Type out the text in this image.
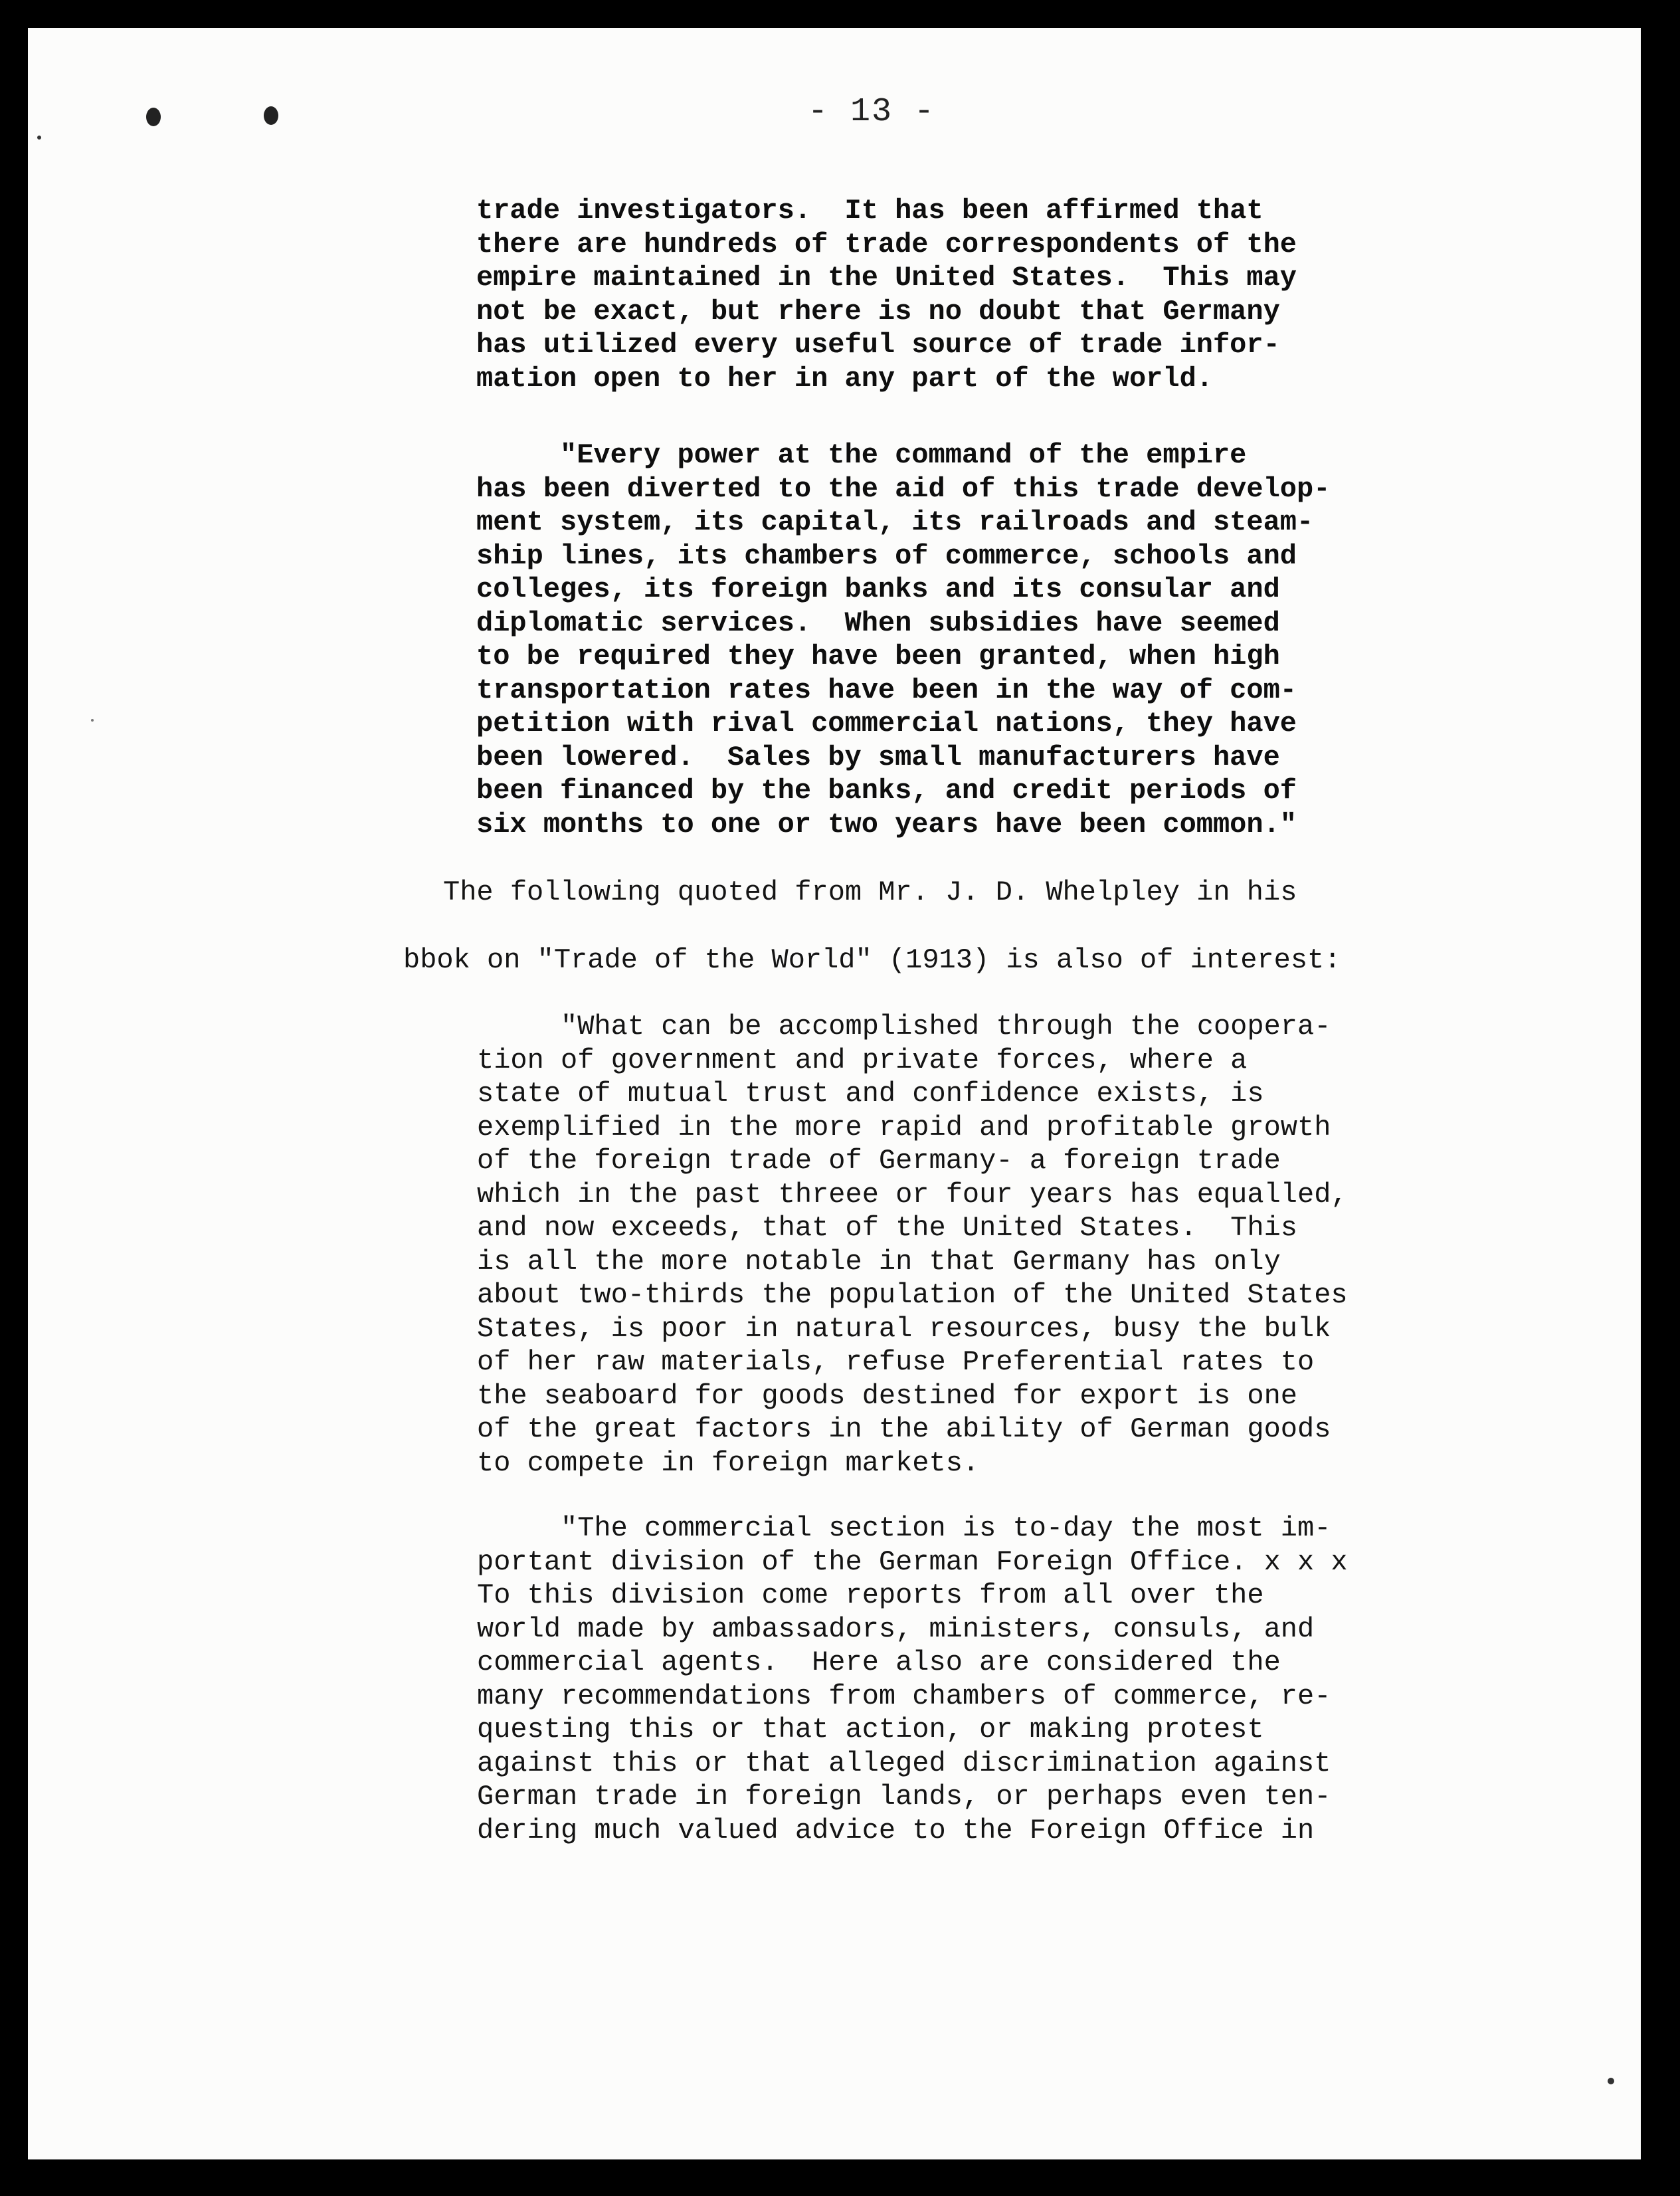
- 13 -

trade investigators.  It has been affirmed that
there are hundreds of trade correspondents of the
empire maintained in the United States.  This may
not be exact, but rhere is no doubt that Germany
has utilized every useful source of trade infor-
mation open to her in any part of the world.

"Every power at the command of the empire
has been diverted to the aid of this trade develop-
ment system, its capital, its railroads and steam-
ship lines, its chambers of commerce, schools and
colleges, its foreign banks and its consular and
diplomatic services.  When subsidies have seemed
to be required they have been granted, when high
transportation rates have been in the way of com-
petition with rival commercial nations, they have
been lowered.  Sales by small manufacturers have
been financed by the banks, and credit periods of
six months to one or two years have been common."

The following quoted from Mr. J. D. Whelpley in his

bbok on "Trade of the World" (1913) is also of interest:

"What can be accomplished through the coopera-
tion of government and private forces, where a
state of mutual trust and confidence exists, is
exemplified in the more rapid and profitable growth
of the foreign trade of Germany- a foreign trade
which in the past threee or four years has equalled,
and now exceeds, that of the United States.  This
is all the more notable in that Germany has only
about two-thirds the population of the United States
States, is poor in natural resources, busy the bulk
of her raw materials, refuse Preferential rates to
the seaboard for goods destined for export is one
of the great factors in the ability of German goods
to compete in foreign markets.

"The commercial section is to-day the most im-
portant division of the German Foreign Office. x x x
To this division come reports from all over the
world made by ambassadors, ministers, consuls, and
commercial agents.  Here also are considered the
many recommendations from chambers of commerce, re-
questing this or that action, or making protest
against this or that alleged discrimination against
German trade in foreign lands, or perhaps even ten-
dering much valued advice to the Foreign Office in
